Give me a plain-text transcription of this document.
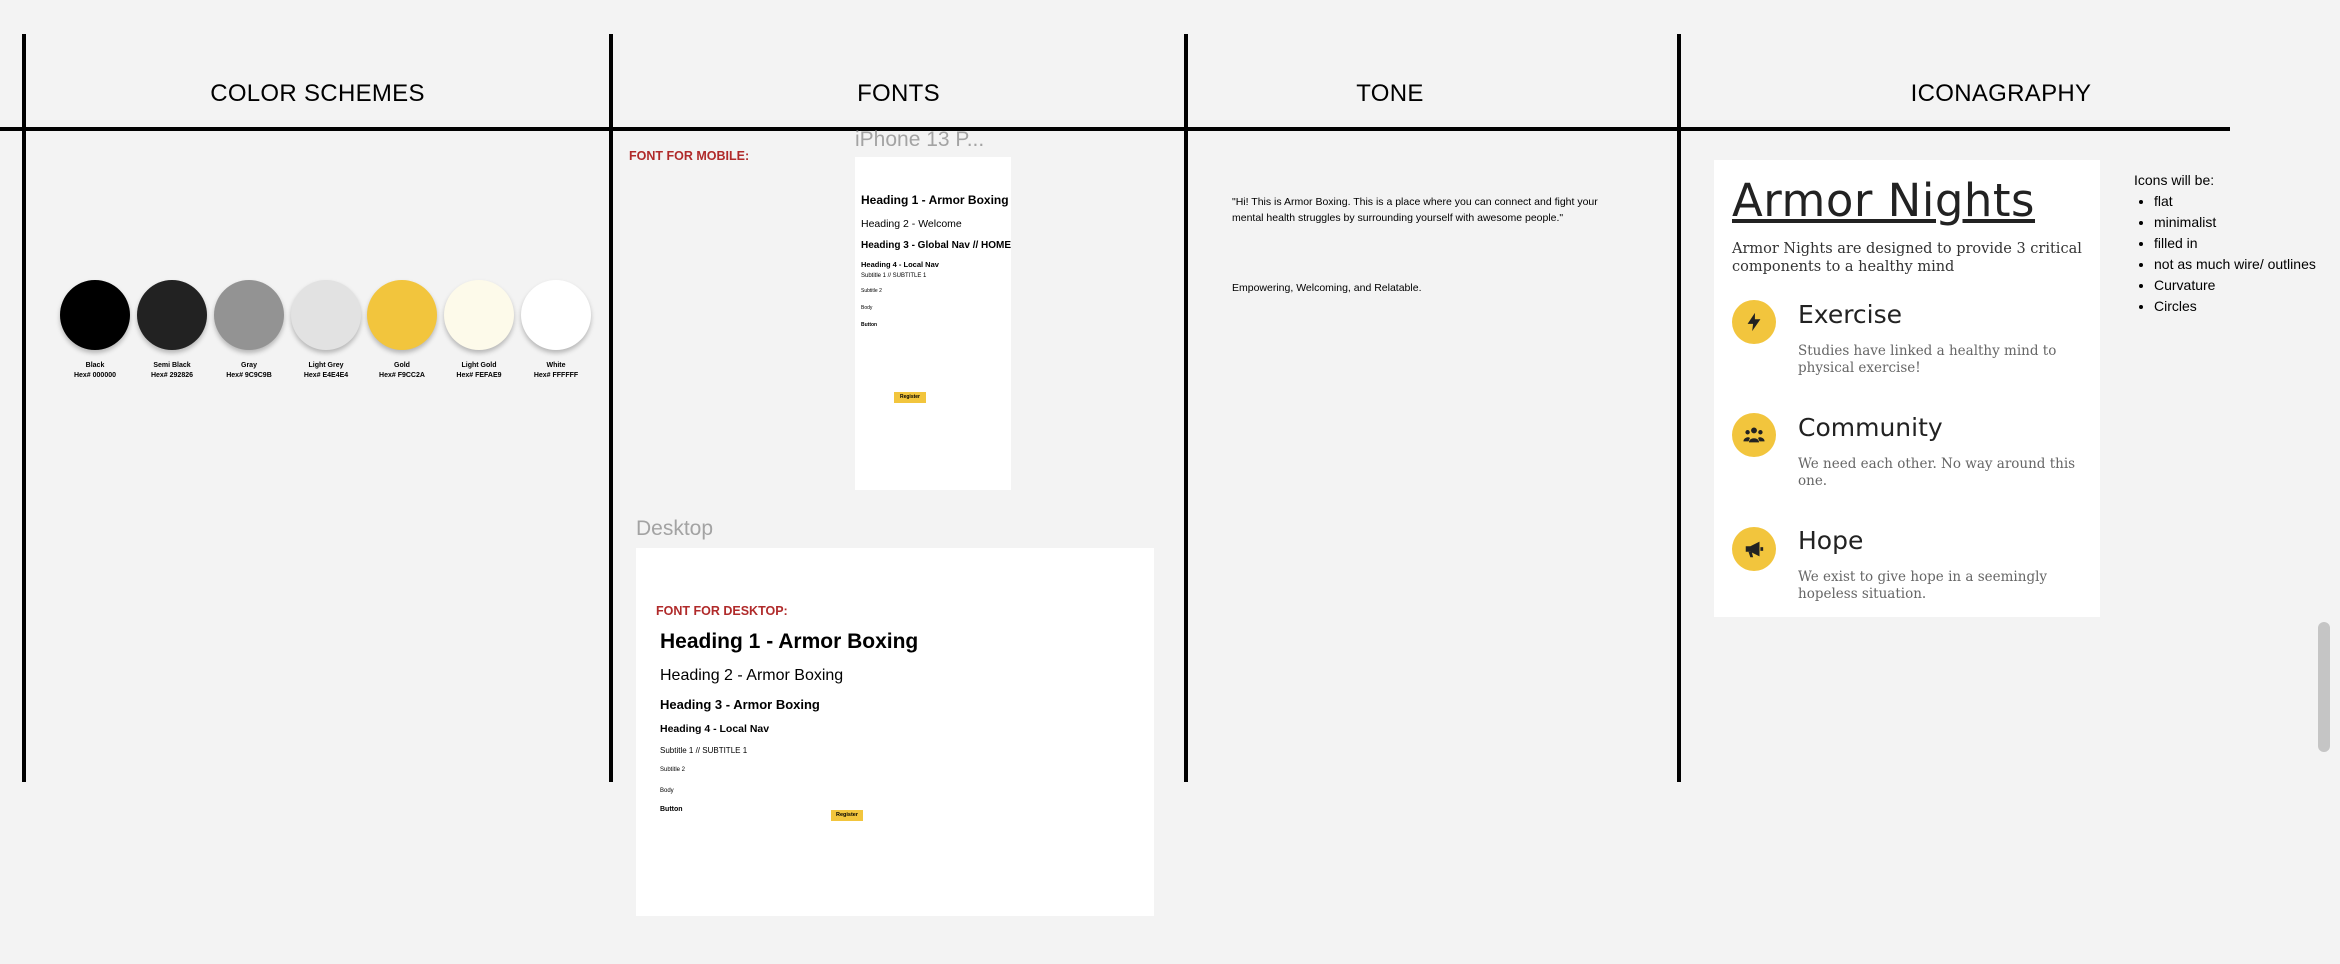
COLOR SCHEMES	FONTS	TONE	ICONAGRAPHY
Black
Hex# 000000
Semi Black
Hex# 292826
Gray
Hex# 9C9C9B
Light Grey
Hex# E4E4E4
Gold
Hex# F9CC2A
Light Gold
Hex# FEFAE9
White
Hex# FFFFFF
FONT FOR MOBILE:
iPhone 13 P...
Heading 1 - Armor Boxing
Heading 2 - Welcome
Heading 3 - Global Nav // HOME
Heading 4 - Local Nav
Subtitle 1 // SUBTITLE 1
Subtitle 2
Body
Button
Register
Desktop
FONT FOR DESKTOP:
Heading 1 - Armor Boxing
Heading 2 - Armor Boxing
Heading 3 - Armor Boxing
Heading 4 - Local Nav
Subtitle 1 // SUBTITLE 1
Subtitle 2
Body
Button
Register
"Hi! This is Armor Boxing. This is a place where you can connect and fight your
mental health struggles by surrounding yourself with awesome people."
Empowering, Welcoming, and Relatable.
Armor Nights
Armor Nights are designed to provide 3 critical components to a healthy mind
Exercise
Studies have linked a healthy mind to physical exercise!
Community
We need each other. No way around this one.
Hope
We exist to give hope in a seemingly hopeless situation.
Icons will be:
• flat
• minimalist
• filled in
• not as much wire/ outlines
• Curvature
• Circles
